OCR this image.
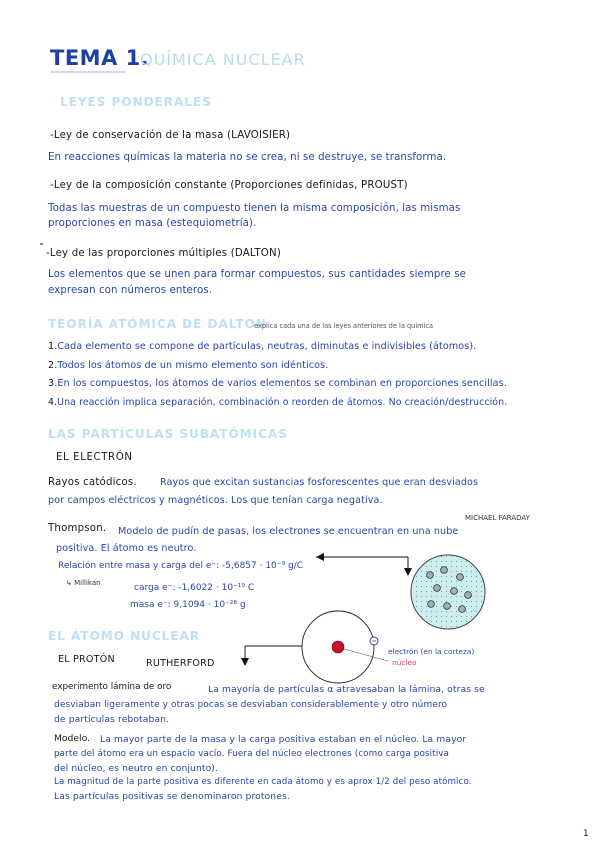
TEMA 1.
QUÍMICA NUCLEAR
LEYES PONDERALES
-Ley de conservación de la masa (LAVOISIER)
En reacciones químicas la materia no se crea, ni se destruye, se transforma.
-Ley de la composición constante (Proporciones definidas, PROUST)
Todas las muestras de un compuesto tienen la misma composición, las mismas
proporciones en masa (estequiometría).
-Ley de las proporciones múltiples (DALTON)
Los elementos que se unen para formar compuestos, sus cantidades siempre se
expresan con números enteros.
TEORÍA ATÓMICA DE DALTON
explica cada una de las leyes anteriores de la química
1.Cada elemento se compone de partículas, neutras, diminutas e indivisibles (átomos).
2.Todos los átomos de un mismo elemento son idénticos.
3.En los compuestos, los átomos de varios elementos se combinan en proporciones sencillas.
4.Una reacción implica separación, combinación o reorden de átomos. No creación/destrucción.
LAS PARTÍCULAS SUBATÓMICAS
EL ELECTRÓN
Rayos catódicos. Rayos que excitan sustancias fosforescentes que eran desviados
por campos eléctricos y magnéticos. Los que tenían carga negativa.
MICHAEL FARADAY
Thompson. Modelo de pudín de pasas, los electrones se encuentran en una nube
positiva. El átomo es neutro.
Relación entre masa y carga del e⁻: -5,6857 · 10⁻⁹ g/C
↳ Millikan	carga e⁻: -1,6022 · 10⁻¹⁹ C
masa e⁻: 9,1094 · 10⁻²⁸ g
EL ÁTOMO NUCLEAR
EL PROTÓN	RUTHERFORD
electrón (en la corteza)
núcleo
experimento lámina de oro	La mayoría de partículas α atravesaban la lámina, otras se
desviaban ligeramente y otras pocas se desviaban considerablemente y otro número
de partículas rebotaban.
Modelo. La mayor parte de la masa y la carga positiva estaban en el núcleo. La mayor
parte del átomo era un espacio vacío. Fuera del núcleo electrones (como carga positiva
del núcleo, es neutro en conjunto).
La magnitud de la parte positiva es diferente en cada átomo y es aprox 1/2 del peso atómico.
Las partículas positivas se denominaron protones.
1
